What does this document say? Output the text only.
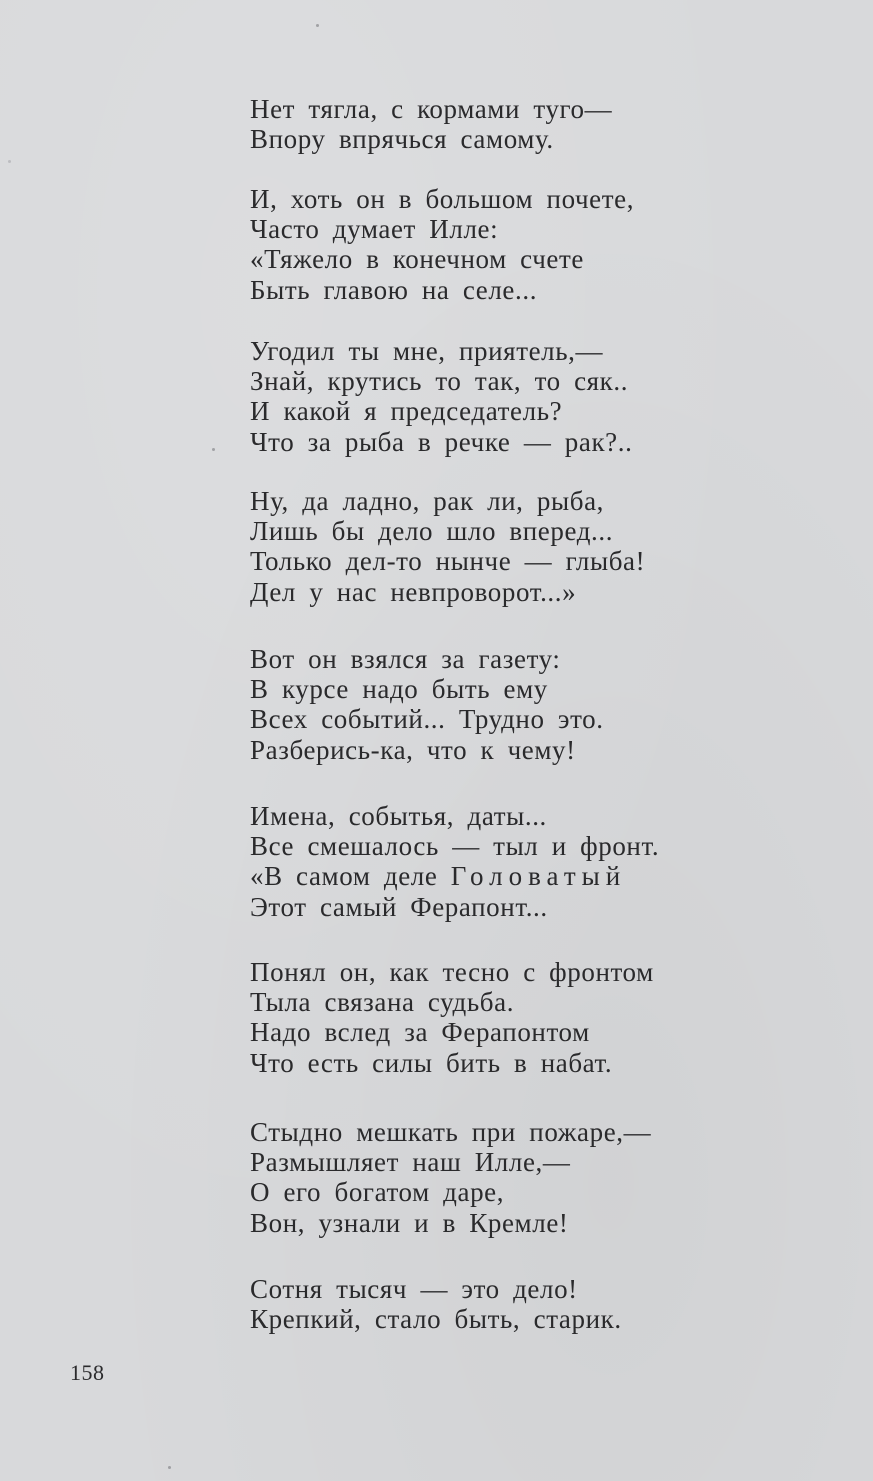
Нет тягла, с кормами туго—
Впору впрячься самому.
И, хоть он в большом почете,
Часто думает Илле:
«Тяжело в конечном счете
Быть главою на селе...
Угодил ты мне, приятель,—
Знай, крутись то так, то сяк..
И какой я председатель?
Что за рыба в речке — рак?..
Ну, да ладно, рак ли, рыба,
Лишь бы дело шло вперед...
Только дел-то нынче — глыба!
Дел у нас невпроворот...»
Вот он взялся за газету:
В курсе надо быть ему
Всех событий... Трудно это.
Разберись-ка, что к чему!
Имена, событья, даты...
Все смешалось — тыл и фронт.
«В самом деле Головатый
Этот самый Ферапонт...
Понял он, как тесно с фронтом
Тыла связана судьба.
Надо вслед за Ферапонтом
Что есть силы бить в набат.
Стыдно мешкать при пожаре,—
Размышляет наш Илле,—
О его богатом даре,
Вон, узнали и в Кремле!
Сотня тысяч — это дело!
Крепкий, стало быть, старик.
158
